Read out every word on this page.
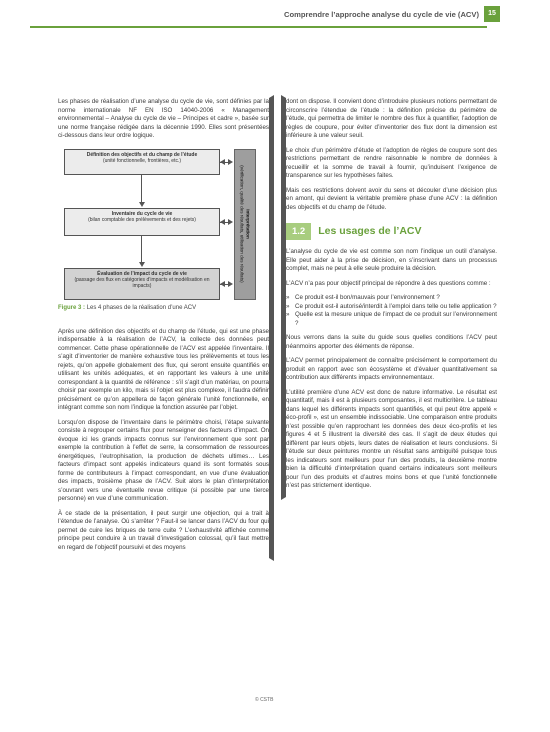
Comprendre l’approche analyse du cycle de vie (ACV)	15

Les phases de réalisation d’une analyse du cycle de vie, sont définies par la norme internationale NF EN ISO 14040-2006 « Management environnemental – Analyse du cycle de vie – Principes et cadre », basée sur une norme française rédigée dans la décennie 1990. Elles sont présentées ci-dessous dans leur ordre logique.

Définition des objectifs et du champ de l’étude
(unité fonctionnelle, frontières, etc.)
Inventaire du cycle de vie
(bilan comptable des prélèvements et des rejets)
Évaluation de l’impact du cycle de vie
(passage des flux en catégories d’impacts et modélisation en impacts)
Interprétation
(vérification, qualité des résultats, utilisation des résultats)
Figure 3 : Les 4 phases de la réalisation d’une ACV

Après une définition des objectifs et du champ de l’étude, qui est une phase indispensable à la réalisation de l’ACV, la collecte des données peut commencer. Cette phase opérationnelle de l’ACV est appelée l’inventaire. Il s’agit d’inventorier de manière exhaustive tous les prélèvements et tous les rejets, qu’on appelle globalement des flux, qui seront ensuite quantifiés en utilisant les unités adéquates, et en rapportant les valeurs à une unité correspondant à la quantité de référence : s’il s’agit d’un matériau, on pourra choisir par exemple un kilo, mais si l’objet est plus complexe, il faudra définir précisément ce qu’on appellera de façon générale l’unité fonctionnelle, en intégrant comme son nom l’indique la fonction assurée par l’objet.

Lorsqu’on dispose de l’inventaire dans le périmètre choisi, l’étape suivante consiste à regrouper certains flux pour renseigner des facteurs d’impact. On évoque ici les grands impacts connus sur l’environnement que sont par exemple la contribution à l’effet de serre, la consommation de ressources énergétiques, l’eutrophisation, la production de déchets ultimes… Les facteurs d’impact sont appelés indicateurs quand ils sont formatés sous forme de contributeurs à l’impact correspondant, en vue d’une évaluation des impacts, troisième phase de l’ACV. Suit alors le plan d’interprétation s’ouvrant vers une éventuelle revue critique (si possible par une tierce personne) en vue d’une communication.

À ce stade de la présentation, il peut surgir une objection, qui a trait à l’étendue de l’analyse. Où s’arrêter ? Faut-il se lancer dans l’ACV du four qui permet de cuire les briques de terre cuite ? L’exhaustivité affichée comme principe peut conduire à un travail d’investigation colossal, qu’il faut mettre en regard de l’objectif poursuivi et des moyens

dont on dispose. Il convient donc d’introduire plusieurs notions permettant de circonscrire l’étendue de l’étude : la définition précise du périmètre de l’étude, qui permettra de limiter le nombre des flux à quantifier, l’adoption de règles de coupure, pour éviter d’inventorier des flux dont la dimension est inférieure à une valeur seuil.

Le choix d’un périmètre d’étude et l’adoption de règles de coupure sont des restrictions permettant de rendre raisonnable le nombre de données à recueillir et la somme de travail à fournir, qu’induisent l’exigence de transparence sur les hypothèses faites.

Mais ces restrictions doivent avoir du sens et découler d’une décision plus en amont, qui devient la véritable première phase d’une ACV : la définition des objectifs et du champ de l’étude.

1.2	Les usages de l’ACV

L’analyse du cycle de vie est comme son nom l’indique un outil d’analyse. Elle peut aider à la prise de décision, en s’inscrivant dans un processus complet, mais ne peut à elle seule produire la décision.

L’ACV n’a pas pour objectif principal de répondre à des questions comme :

» Ce produit est-il bon/mauvais pour l’environnement ?
» Ce produit est-il autorisé/interdit à l’emploi dans telle ou telle application ?
» Quelle est la mesure unique de l’impact de ce produit sur l’environnement ?

Nous verrons dans la suite du guide sous quelles conditions l’ACV peut néanmoins apporter des éléments de réponse.

L’ACV permet principalement de connaître précisément le comportement du produit en rapport avec son écosystème et d’évaluer quantitativement sa contribution aux différents impacts environnementaux.

L’utilité première d’une ACV est donc de nature informative. Le résultat est quantitatif, mais il est à plusieurs composantes, il est multicritère. Le tableau dans lequel les différents impacts sont quantifiés, et qui peut être appelé « éco-profil », est un ensemble indissociable. Une comparaison entre produits n’est possible qu’en rapprochant les données des deux éco-profils et les figures 4 et 5 illustrent la diversité des cas. Il s’agit de deux études qui diffèrent par leurs objets, leurs dates de réalisation et leurs conclusions. Si l’étude sur deux peintures montre un résultat sans ambiguïté puisque tous les indicateurs sont meilleurs pour l’un des produits, la deuxième montre bien la difficulté d’interprétation quand certains indicateurs sont meilleurs pour l’un des produits et d’autres moins bons et que l’unité fonctionnelle n’est pas strictement identique.

© CSTB
